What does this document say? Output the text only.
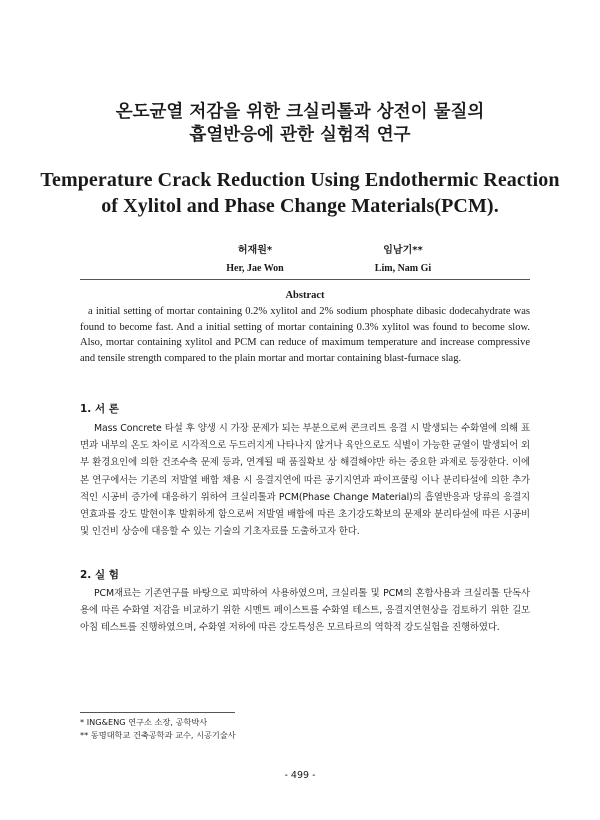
온도균열 저감을 위한 크실리톨과 상전이 물질의
흡열반응에 관한 실험적 연구
Temperature Crack Reduction Using Endothermic Reaction
of Xylitol and Phase Change Materials(PCM).
허재원*
Her, Jae Won
임남기**
Lim, Nam Gi
Abstract

a initial setting of mortar containing 0.2% xylitol and 2% sodium phosphate dibasic dodecahydrate was found to become fast. And a initial setting of mortar containing 0.3% xylitol was found to become slow. Also, mortar containing xylitol and PCM can reduce of maximum temperature and increase compressive and tensile strength compared to the plain mortar and mortar containing blast-furnace slag.

1. 서 론

Mass Concrete 타설 후 양생 시 가장 문제가 되는 부분으로써 콘크리트 응결 시 발생되는 수화열에 의해 표면과 내부의 온도 차이로 시각적으로 두드러지게 나타나지 않거나 육안으로도 식별이 가능한 균열이 발생되어 외부 환경요인에 의한 건조수축 문제 등과, 연계될 때 품질확보 상 해결해야만 하는 중요한 과제로 등장한다. 이에 본 연구에서는 기존의 저발열 배합 채용 시 응결지연에 따른 공기지연과 파이프쿨링 이나 분리타설에 의한 추가적인 시공비 증가에 대응하기 위하여 크실리톨과 PCM(Phase Change Material)의 흡열반응과 당류의 응결지연효과를 강도 발현이후 발휘하게 함으로써 저발열 배합에 따른 초기강도확보의 문제와 분리타설에 따른 시공비 및 인건비 상승에 대응할 수 있는 기술의 기초자료를 도출하고자 한다.

2. 실 험

PCM재료는 기존연구를 바탕으로 피막하여 사용하였으며, 크실리톨 및 PCM의 혼합사용과 크실리톨 단독사용에 따른 수화열 저감을 비교하기 위한 시멘트 페이스트를 수화열 테스트, 응결지연현상을 검토하기 위한 길모아침 테스트를 진행하였으며, 수화열 저하에 따른 강도특성은 모르타르의 역학적 강도실험을 진행하였다.

* ING&ENG 연구소 소장, 공학박사
** 동명대학교 건축공학과 교수, 시공기술사
- 499 -
